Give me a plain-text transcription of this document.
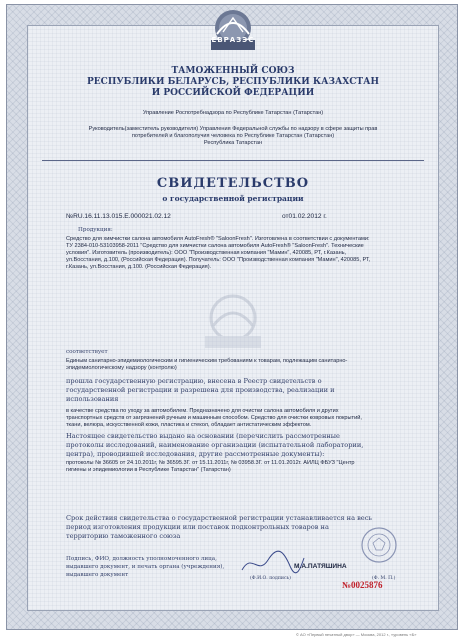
ЕВРАЗЭС
ТАМОЖЕННЫЙ СОЮЗ
РЕСПУБЛИКИ БЕЛАРУСЬ, РЕСПУБЛИКИ КАЗАХСТАН
И РОССИЙСКОЙ ФЕДЕРАЦИИ
Управление Роспотребнадзора по Республике Татарстан (Татарстан)
Руководитель(заместитель руководителя) Управления Федеральной службы по надзору в сфере защиты прав
потребителей и благополучия человека по Республике Татарстан (Татарстан)
Республика Татарстан
СВИДЕТЕЛЬСТВО
о государственной регистрации
№RU.16.11.13.015.E.000021.02.12	от01.02.2012 г.
Продукция:
Средство для химчистки салона автомобиля AutoFresh® "SaloonFresh". Изготовлена в соответствии с документами:
ТУ 2384-010-53103958-2011 "Средство для химчистки салона автомобиля AutoFresh® "SaloonFresh". Технические
условия". Изготовитель (производитель): ООО "Производственная компания "Мамин", 420085, РТ, г.Казань,
ул.Восстания, д.100, (Российская Федерация). Получатель: ООО "Производственная компания "Мамин", 420085, РТ,
г.Казань, ул.Восстания, д.100. (Российская Федерация).
соответствует
Единым санитарно-эпидемиологическим и гигиеническим требованиям к товарам, подлежащим санитарно-
эпидемиологическому надзору (контролю)
прошла государственную регистрацию, внесена в Реестр свидетельств о
государственной регистрации и разрешена для производства, реализации и
использования
в качестве средства по уходу за автомобилем. Предназначено для очистки салона автомобиля и других
транспортных средств от загрязнений ручным и машинным способом. Средство для очистки ковровых покрытий,
ткани, велюра, искусственной кожи, пластика и стекол, обладает антистатическим эффектом.
Настоящее свидетельство выдано на основании (перечислить рассмотренные
протоколы исследований, наименование организации (испытательной лаборатории,
центра), проводившей исследования, другие рассмотренные документы):
протоколы № 36605 от 24.10.2011г, № 36595.3Г. от 15.11.2011г, № 03958.3Г. от 11.01.2012г. АИЛЦ ФБУЗ "Центр
гигиены и эпидемиологии в Республике Татарстан" (Татарстан)
Срок действия свидетельства о государственной регистрации устанавливается на весь
период изготовления продукции или поставок подконтрольных товаров на
территорию таможенного союза
Подпись, ФИО, должность уполномоченного лица,
выдавшего документ, и печать органа (учреждения),
выдавшего документ
М.А.ПАТЯШИНА
(Ф.И.О. подпись)	(Ф. М. П.)
№0025876
© АО «Первый печатный двор» — Москва, 2012 г., «уровень «Б»
